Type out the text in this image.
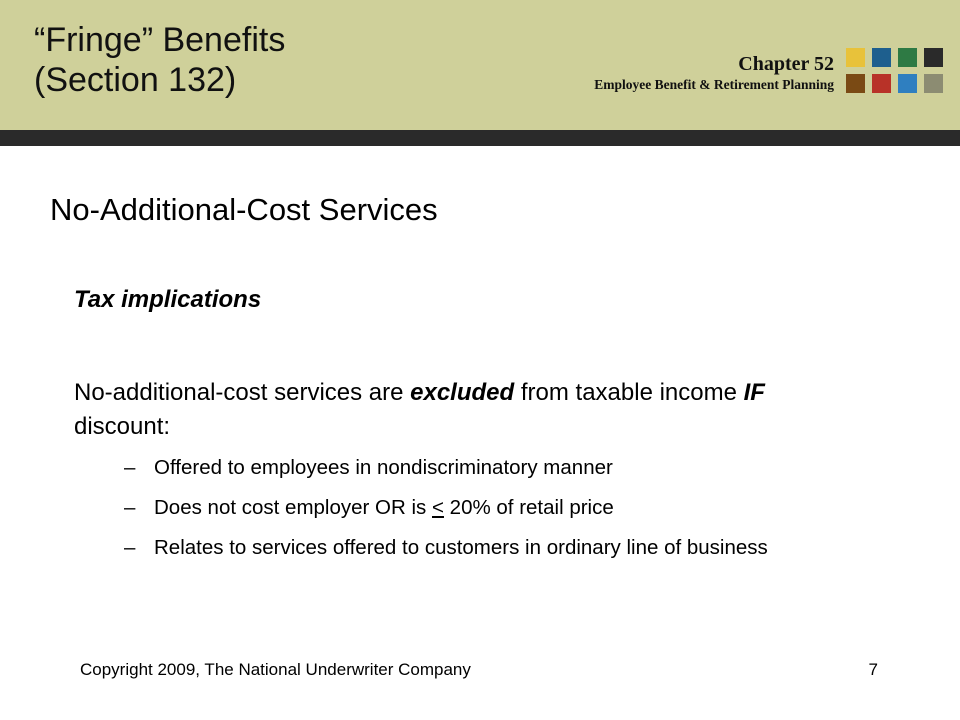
“Fringe” Benefits
(Section 132)	Chapter 52
Employee Benefit & Retirement Planning
No-Additional-Cost Services
Tax implications
No-additional-cost services are excluded from taxable income IF discount:
– Offered to employees in nondiscriminatory manner
– Does not cost employer OR is ≤ 20% of retail price
– Relates to services offered to customers in ordinary line of business
Copyright 2009, The National Underwriter Company	7
